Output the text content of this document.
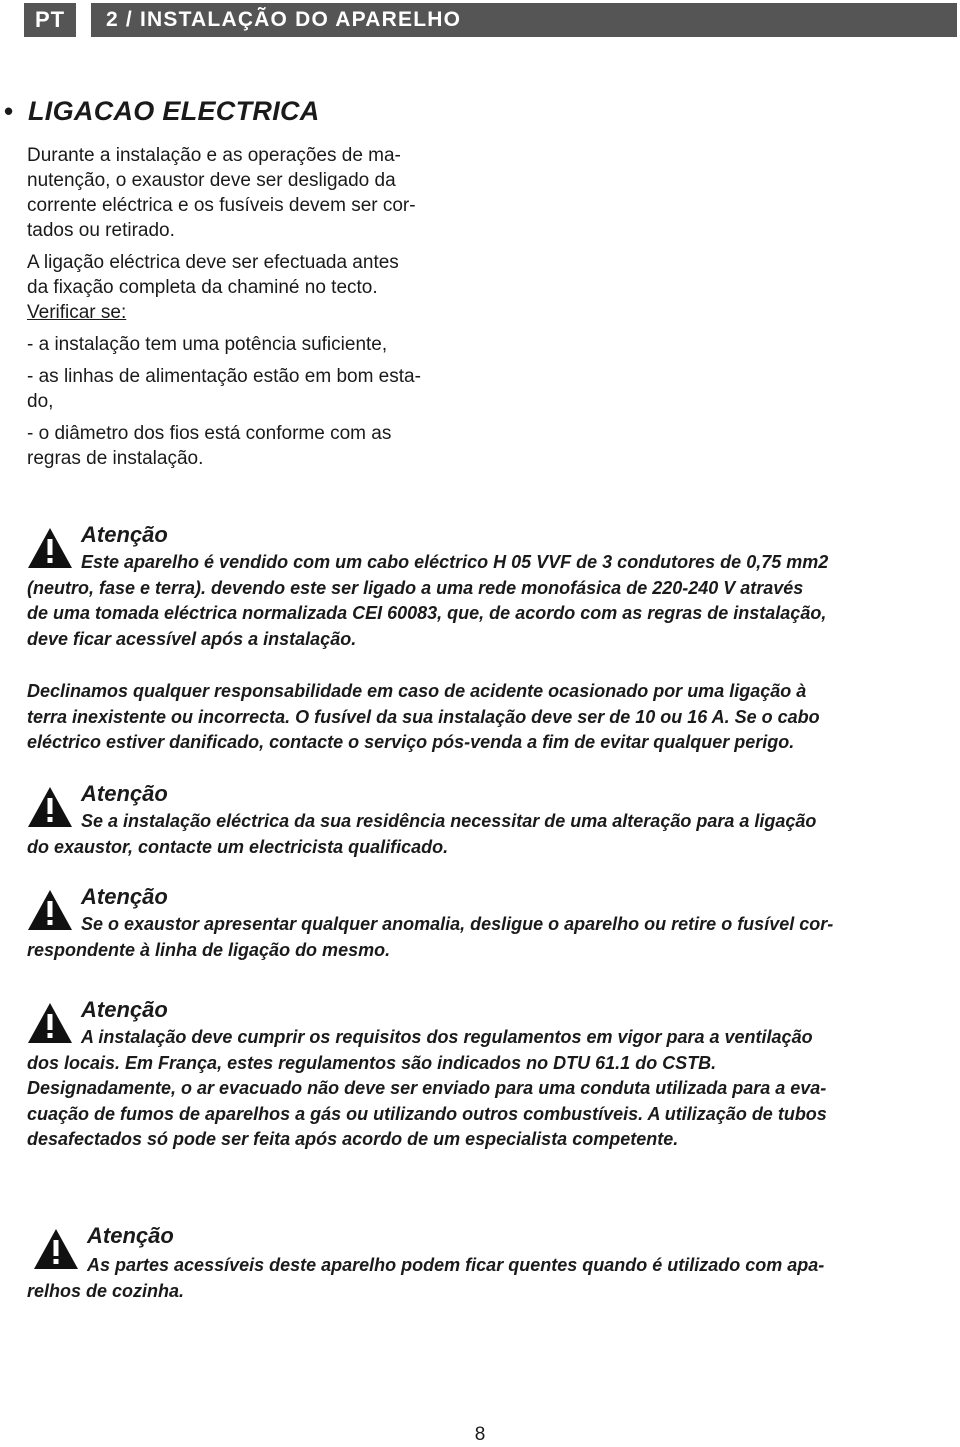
PT	2 / INSTALAÇÃO DO APARELHO
• LIGACAO ELECTRICA
Durante a instalação e as operações de ma-
nutenção, o exaustor deve ser desligado da
corrente eléctrica e os fusíveis devem ser cor-
tados ou retirado.
A ligação eléctrica deve ser efectuada antes
da fixação completa da chaminé no tecto.
Verificar se:
- a instalação tem uma potência suficiente,
- as linhas de alimentação estão em bom esta-
do,
- o diâmetro dos fios está conforme com as
regras de instalação.
Atenção
Este aparelho é vendido com um cabo eléctrico H 05 VVF de 3 condutores de 0,75 mm2
(neutro, fase e terra). devendo este ser ligado a uma rede monofásica de 220-240 V através
de uma tomada eléctrica normalizada CEI 60083, que, de acordo com as regras de instalação,
deve ficar acessível após a instalação.
Declinamos qualquer responsabilidade em caso de acidente ocasionado por uma ligação à
terra inexistente ou incorrecta. O fusível da sua instalação deve ser de 10 ou 16 A. Se o cabo
eléctrico estiver danificado, contacte o serviço pós-venda a fim de evitar qualquer perigo.
Atenção
Se a instalação eléctrica da sua residência necessitar de uma alteração para a ligação
do exaustor, contacte um electricista qualificado.
Atenção
Se o exaustor apresentar qualquer anomalia, desligue o aparelho ou retire o fusível cor-
respondente à linha de ligação do mesmo.
Atenção
A instalação deve cumprir os requisitos dos regulamentos em vigor para a ventilação
dos locais. Em França, estes regulamentos são indicados no DTU 61.1 do CSTB.
Designadamente, o ar evacuado não deve ser enviado para uma conduta utilizada para a eva-
cuação de fumos de aparelhos a gás ou utilizando outros combustíveis. A utilização de tubos
desafectados só pode ser feita após acordo de um especialista competente.
Atenção
As partes acessíveis deste aparelho podem ficar quentes quando é utilizado com apa-
relhos de cozinha.
8
